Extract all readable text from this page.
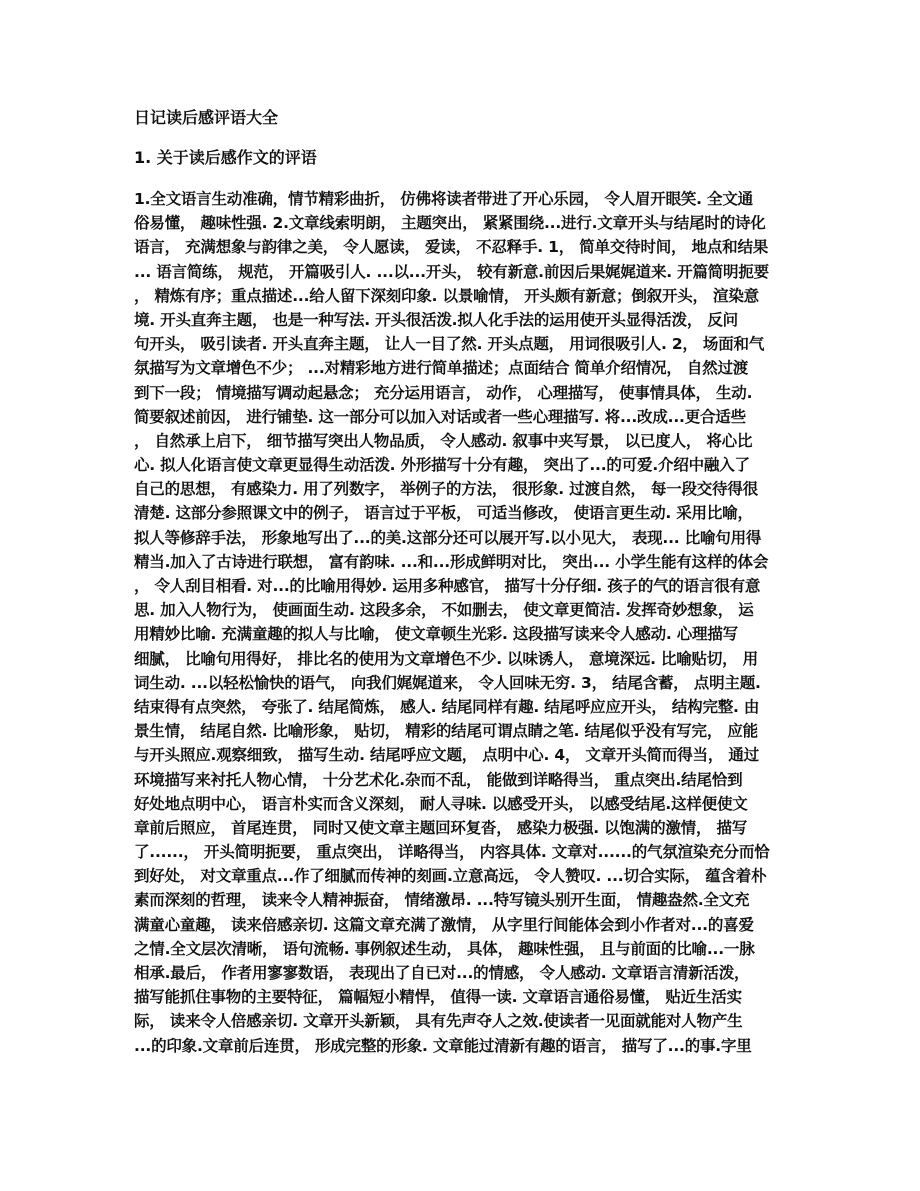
日记读后感评语大全
1. 关于读后感作文的评语
1.全文语言生动准确，情节精彩曲折， 仿佛将读者带进了开心乐园， 令人眉开眼笑. 全文通
俗易懂， 趣味性强. 2.文章线索明朗， 主题突出， 紧紧围绕...进行.文章开头与结尾时的诗化
语言， 充满想象与韵律之美， 令人愿读， 爱读， 不忍释手. 1， 简单交待时间， 地点和结果
... 语言简练， 规范， 开篇吸引人. ...以...开头， 较有新意.前因后果娓娓道来. 开篇简明扼要
， 精炼有序；重点描述...给人留下深刻印象. 以景喻情， 开头颇有新意；倒叙开头， 渲染意
境. 开头直奔主题， 也是一种写法. 开头很活泼.拟人化手法的运用使开头显得活泼， 反问
句开头， 吸引读者. 开头直奔主题， 让人一目了然. 开头点题， 用词很吸引人. 2， 场面和气
氛描写为文章增色不少； ...对精彩地方进行简单描述；点面结合 简单介绍情况， 自然过渡
到下一段； 情境描写调动起悬念； 充分运用语言， 动作， 心理描写， 使事情具体， 生动.
简要叙述前因， 进行铺垫. 这一部分可以加入对话或者一些心理描写. 将...改成...更合适些
， 自然承上启下， 细节描写突出人物品质， 令人感动. 叙事中夹写景， 以已度人， 将心比
心. 拟人化语言使文章更显得生动活泼. 外形描写十分有趣， 突出了...的可爱.介绍中融入了
自己的思想， 有感染力. 用了列数字， 举例子的方法， 很形象. 过渡自然， 每一段交待得很
清楚. 这部分参照课文中的例子， 语言过于平板， 可适当修改， 使语言更生动. 采用比喻，
拟人等修辞手法， 形象地写出了...的美.这部分还可以展开写.以小见大， 表现... 比喻句用得
精当.加入了古诗进行联想， 富有韵味. ...和...形成鲜明对比， 突出... 小学生能有这样的体会
， 令人刮目相看. 对...的比喻用得妙. 运用多种感官， 描写十分仔细. 孩子的气的语言很有意
思. 加入人物行为， 使画面生动. 这段多余， 不如删去， 使文章更简洁. 发挥奇妙想象， 运
用精妙比喻. 充满童趣的拟人与比喻， 使文章顿生光彩. 这段描写读来令人感动. 心理描写
细腻， 比喻句用得好， 排比名的使用为文章增色不少. 以味诱人， 意境深远. 比喻贴切， 用
词生动. ...以轻松愉快的语气， 向我们娓娓道来， 令人回味无穷. 3， 结尾含蓄， 点明主题.
结束得有点突然， 夸张了. 结尾简炼， 感人. 结尾同样有趣. 结尾呼应应开头， 结构完整. 由
景生情， 结尾自然. 比喻形象， 贴切， 精彩的结尾可谓点睛之笔. 结尾似乎没有写完， 应能
与开头照应.观察细致， 描写生动. 结尾呼应文题， 点明中心. 4， 文章开头简而得当， 通过
环境描写来衬托人物心情， 十分艺术化.杂而不乱， 能做到详略得当， 重点突出.结尾恰到
好处地点明中心， 语言朴实而含义深刻， 耐人寻味. 以感受开头， 以感受结尾.这样便使文
章前后照应， 首尾连贯， 同时又使文章主题回环复沓， 感染力极强. 以饱满的激情， 描写
了......， 开头简明扼要， 重点突出， 详略得当， 内容具体. 文章对......的气氛渲染充分而恰
到好处， 对文章重点...作了细腻而传神的刻画.立意高远， 令人赞叹. ...切合实际， 蕴含着朴
素而深刻的哲理， 读来令人精神振奋， 情绪激昂. ...特写镜头别开生面， 情趣盎然.全文充
满童心童趣， 读来倍感亲切. 这篇文章充满了激情， 从字里行间能体会到小作者对...的喜爱
之情.全文层次清晰， 语句流畅. 事例叙述生动， 具体， 趣味性强， 且与前面的比喻...一脉
相承.最后， 作者用寥寥数语， 表现出了自已对...的情感， 令人感动. 文章语言清新活泼，
描写能抓住事物的主要特征， 篇幅短小精悍， 值得一读. 文章语言通俗易懂， 贴近生活实
际， 读来令人倍感亲切. 文章开头新颖， 具有先声夺人之效.使读者一见面就能对人物产生
...的印象.文章前后连贯， 形成完整的形象. 文章能过清新有趣的语言， 描写了...的事.字里
